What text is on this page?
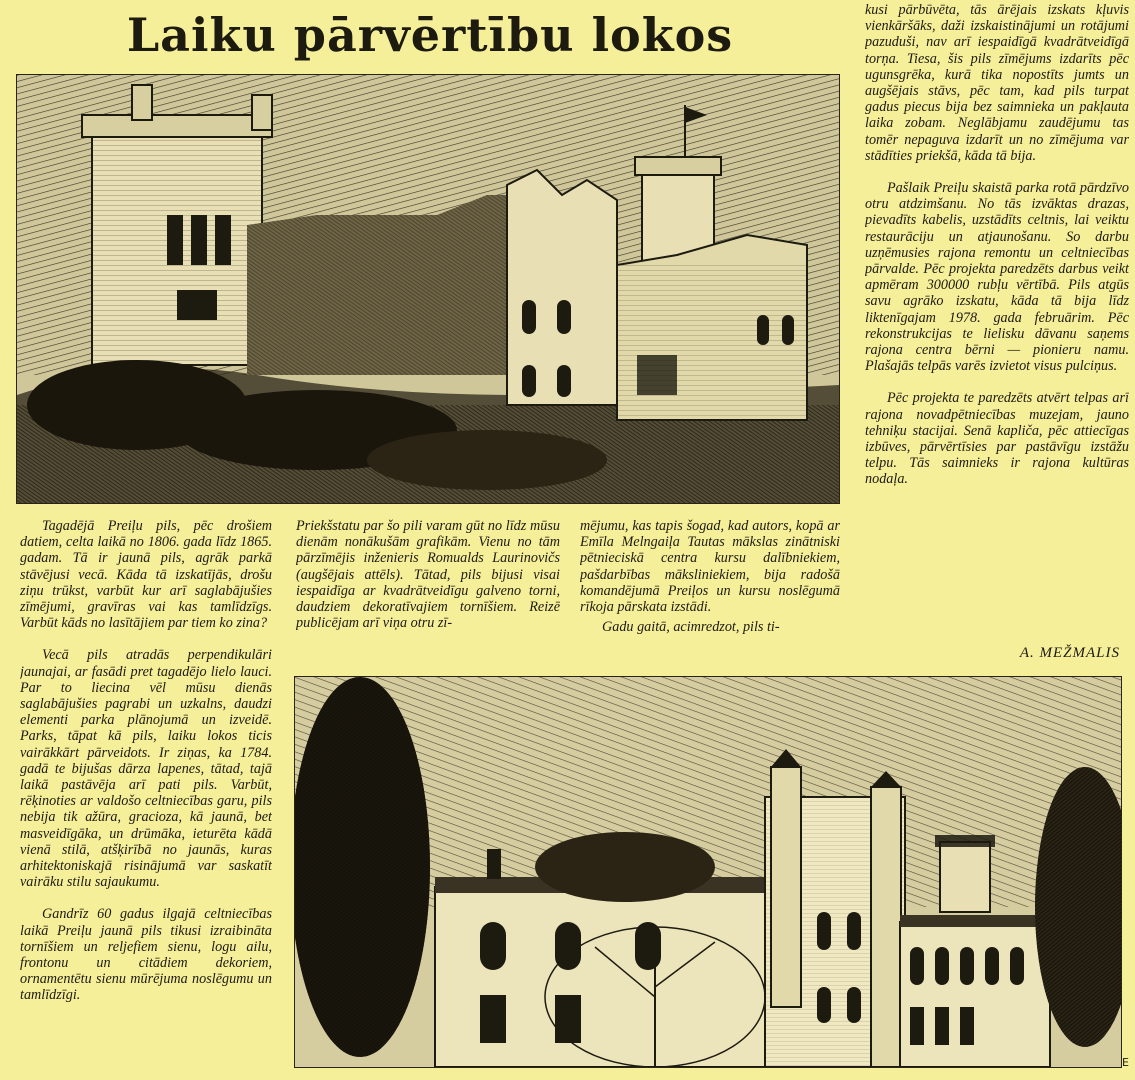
Laiku pārvērtību lokos	kusi pārbūvēta, tās ārējais izskats kļuvis vienkāršāks, daži izskaistinājumi un rotājumi pazuduši, nav arī iespaidīgā kvadrātveidīgā torņa. Tiesa, šis pils zīmējums izdarīts pēc ugunsgrēka, kurā tika nopostīts jumts un augšējais stāvs, pēc tam, kad pils turpat gadus piecus bija bez saimnieka un pakļauta laika zobam. Neglābjamu zaudējumu tas tomēr nepaguva izdarīt un no zīmējuma var stādīties priekšā, kāda tā bija.

Pašlaik Preiļu skaistā parka rotā pārdzīvo otru atdzimšanu. No tās izvāktas drazas, pievadīts kabelis, uzstādīts celtnis, lai veiktu restaurāciju un atjaunošanu. So darbu uzņēmusies rajona remontu un celtniecības pārvalde. Pēc projekta paredzēts darbus veikt apmēram 300000 rubļu vērtībā. Pils atgūs savu agrāko izskatu, kāda tā bija līdz liktenīgajam 1978. gada februārim. Pēc rekonstrukcijas te lielisku dāvanu saņems rajona centra bērni — pionieru namu. Plašajās telpās varēs izvietot visus pulciņus.

Pēc projekta te paredzēts atvērt telpas arī rajona novadpētniecības muzejam, jauno tehniķu stacijai. Senā kapliča, pēc attiecīgas izbūves, pārvērtīsies par pastāvīgu izstāžu telpu. Tās saimnieks ir rajona kultūras nodaļa.

A. MEŽMALIS

Tagadējā Preiļu pils, pēc drošiem datiem, celta laikā no 1806. gada līdz 1865. gadam. Tā ir jaunā pils, agrāk parkā stāvējusi vecā. Kāda tā izskatījās, drošu ziņu trūkst, varbūt kur arī saglabājušies zīmējumi, gravīras vai kas tamlīdzīgs. Varbūt kāds no lasītājiem par tiem ko zina?

Vecā pils atradās perpendikulāri jaunajai, ar fasādi pret tagadējo lielo lauci. Par to liecina vēl mūsu dienās saglabājušies pagrabi un uzkalns, daudzi elementi parka plānojumā un izveidē. Parks, tāpat kā pils, laiku lokos ticis vairākkārt pārveidots. Ir ziņas, ka 1784. gadā te bijušas dārza lapenes, tātad, tajā laikā pastāvēja arī pati pils. Varbūt, rēķinoties ar valdošo celtniecības garu, pils nebija tik ažūra, gracioza, kā jaunā, bet masveidīgāka, un drūmāka, ieturēta kādā vienā stilā, atšķirībā no jaunās, kuras arhitektoniskajā risinājumā var saskatīt vairāku stilu sajaukumu.

Gandrīz 60 gadus ilgajā celtniecības laikā Preiļu jaunā pils tikusi izraibināta tornīšiem un reljefiem sienu, logu ailu, frontonu un citādiem dekoriem, ornamentētu sienu mūrējuma noslēgumu un tamlīdzīgi.

Priekšstatu par šo pili varam gūt no līdz mūsu dienām nonākušām grafikām. Vienu no tām pārzīmējis inženieris Romualds Laurinovičs (augšējais attēls). Tātad, pils bijusi visai iespaidīga ar kvadrātveidīgu galveno torni, daudziem dekoratīvajiem tornīšiem. Reizē publicējam arī viņa otru zī-

mējumu, kas tapis šogad, kad autors, kopā ar Emīla Melngaiļa Tautas mākslas zinātniski pētnieciskā centra kursu dalībniekiem, pašdarbības māksliniekiem, bija radošā komandējumā Preiļos un kursu noslēgumā rīkoja pārskata izstādi.

Gadu gaitā, acimredzot, pils ti-

E
